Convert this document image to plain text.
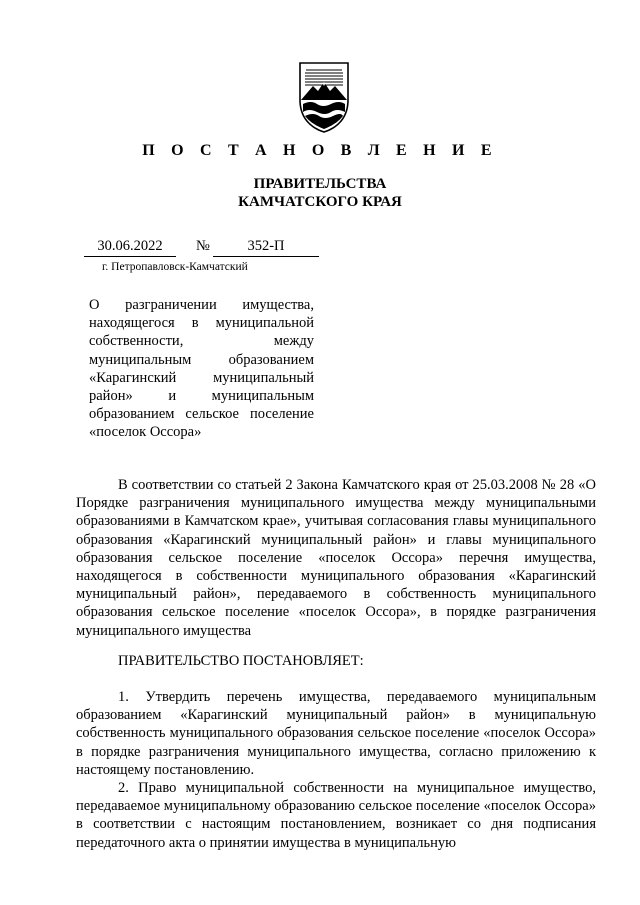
П О С Т А Н О В Л Е Н И Е
ПРАВИТЕЛЬСТВА
КАМЧАТСКОГО КРАЯ
30.06.2022	№	352-П
г. Петропавловск-Камчатский
О разграничении имущества, находящегося в муниципальной собственности, между муниципальным образованием «Карагинский муниципальный район» и муниципальным образованием сельское поселение «поселок Оссора»

В соответствии со статьей 2 Закона Камчатского края от 25.03.2008 № 28 «О Порядке разграничения муниципального имущества между муниципальными образованиями в Камчатском крае», учитывая согласования главы муниципального образования «Карагинский муниципальный район» и главы муниципального образования сельское поселение «поселок Оссора» перечня имущества, находящегося в собственности муниципального образования «Карагинский муниципальный район», передаваемого в собственность муниципального образования сельское поселение «поселок Оссора», в порядке разграничения муниципального имущества

ПРАВИТЕЛЬСТВО ПОСТАНОВЛЯЕТ:

1. Утвердить перечень имущества, передаваемого муниципальным образованием «Карагинский муниципальный район» в муниципальную собственность муниципального образования сельское поселение «поселок Оссора» в порядке разграничения муниципального имущества, согласно приложению к настоящему постановлению.

2. Право муниципальной собственности на муниципальное имущество, передаваемое муниципальному образованию сельское поселение «поселок Оссора» в соответствии с настоящим постановлением, возникает со дня подписания передаточного акта о принятии имущества в муниципальную
